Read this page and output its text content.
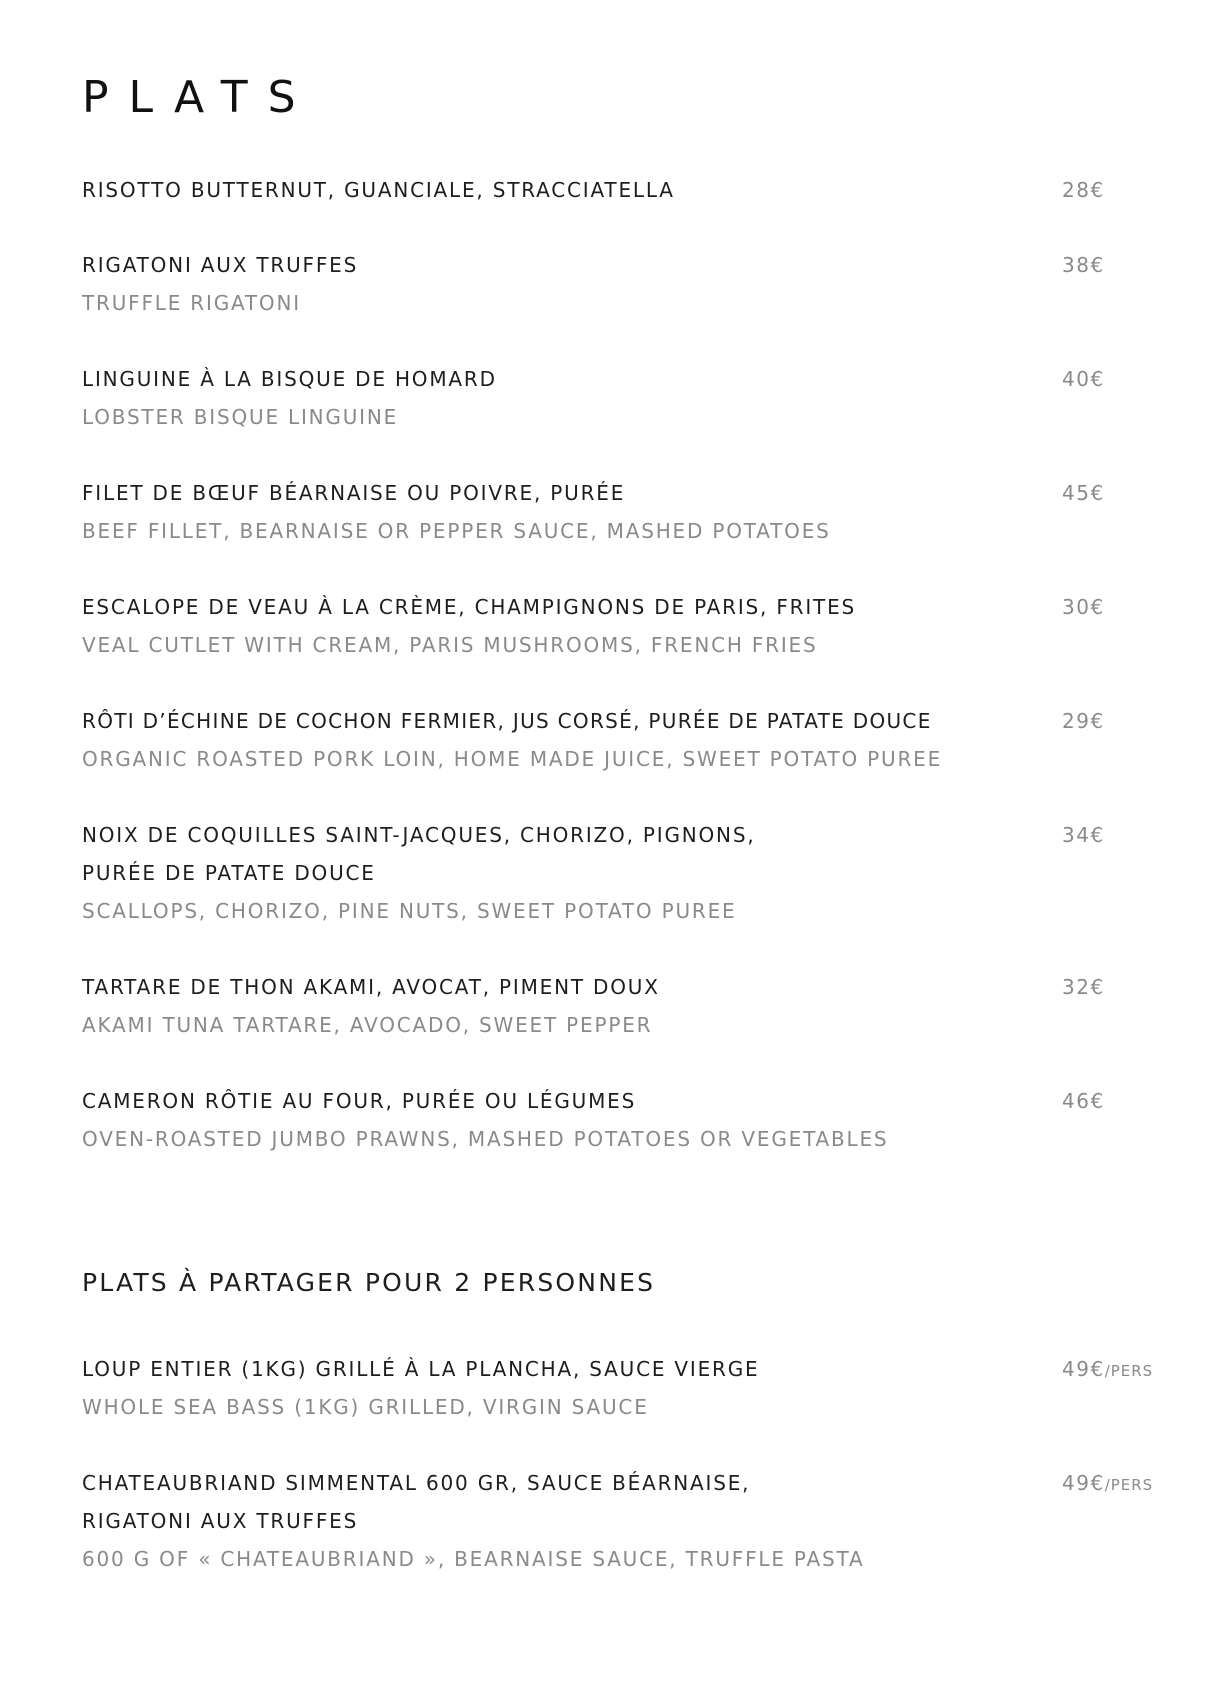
PLATS
RISOTTO BUTTERNUT, GUANCIALE, STRACCIATELLA	28€
RIGATONI AUX TRUFFES
TRUFFLE RIGATONI
38€
LINGUINE À LA BISQUE DE HOMARD
LOBSTER BISQUE LINGUINE
40€
FILET DE BŒUF BÉARNAISE OU POIVRE, PURÉE
BEEF FILLET, BEARNAISE OR PEPPER SAUCE, MASHED POTATOES
45€
ESCALOPE DE VEAU À LA CRÈME, CHAMPIGNONS DE PARIS, FRITES
VEAL CUTLET WITH CREAM, PARIS MUSHROOMS, FRENCH FRIES
30€
RÔTI D’ÉCHINE DE COCHON FERMIER, JUS CORSÉ, PURÉE DE PATATE DOUCE
ORGANIC ROASTED PORK LOIN, HOME MADE JUICE, SWEET POTATO PUREE
29€
NOIX DE COQUILLES SAINT-JACQUES, CHORIZO, PIGNONS,
PURÉE DE PATATE DOUCE
SCALLOPS, CHORIZO, PINE NUTS, SWEET POTATO PUREE
34€
TARTARE DE THON AKAMI, AVOCAT, PIMENT DOUX
AKAMI TUNA TARTARE, AVOCADO, SWEET PEPPER
32€
CAMERON RÔTIE AU FOUR, PURÉE OU LÉGUMES
OVEN-ROASTED JUMBO PRAWNS, MASHED POTATOES OR VEGETABLES
46€
PLATS À PARTAGER POUR 2 PERSONNES
LOUP ENTIER (1KG) GRILLÉ À LA PLANCHA, SAUCE VIERGE
WHOLE SEA BASS (1KG) GRILLED, VIRGIN SAUCE
49€/PERS
CHATEAUBRIAND SIMMENTAL 600 GR, SAUCE BÉARNAISE,
RIGATONI AUX TRUFFES
600 G OF « CHATEAUBRIAND », BEARNAISE SAUCE, TRUFFLE PASTA
49€/PERS
